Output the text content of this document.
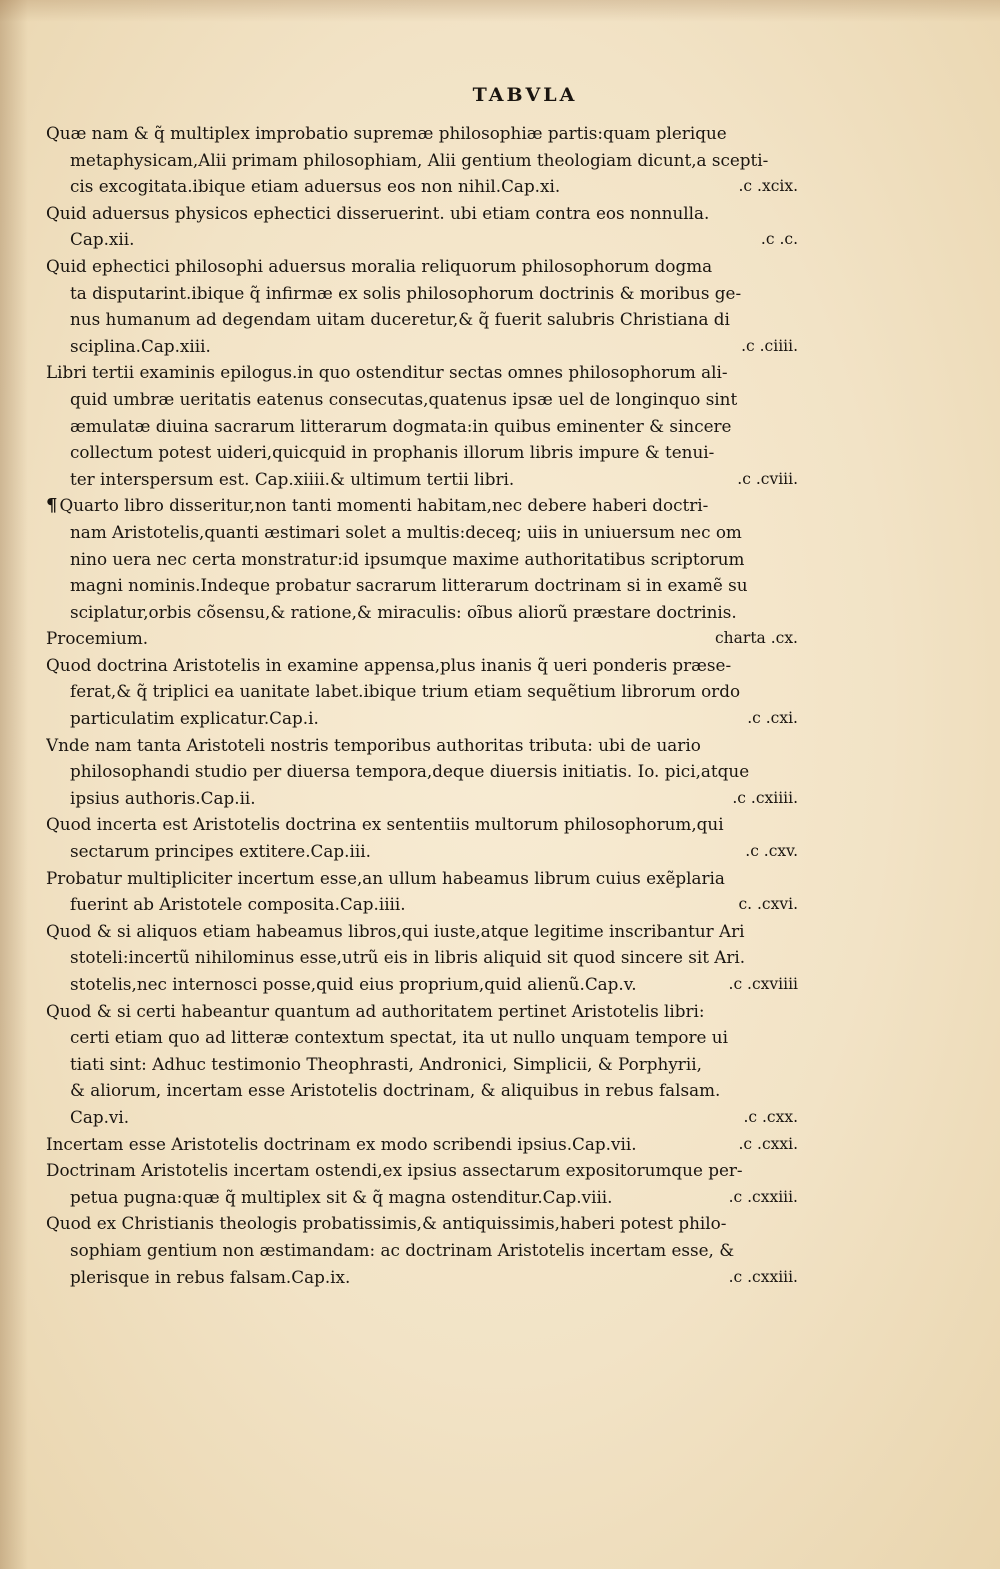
TABVLA
Quæ nam & q̃ multiplex improbatio supremæ philosophiæ partis:quam plerique
metaphysicam,Alii primam philosophiam, Alii gentium theologiam dicunt,a scepti-
cis excogitata.ibique etiam aduersus eos non nihil.Cap.xi.	.c .xcix.
Quid aduersus physicos ephectici disseruerint. ubi etiam contra eos nonnulla.
Cap.xii.	.c .c.
Quid ephectici philosophi aduersus moralia reliquorum philosophorum dogma
ta disputarint.ibique q̃ infirmæ ex solis philosophorum doctrinis & moribus ge-
nus humanum ad degendam uitam duceretur,& q̃ fuerit salubris Christiana di
sciplina.Cap.xiii.	.c .ciiii.
Libri tertii examinis epilogus.in quo ostenditur sectas omnes philosophorum ali-
quid umbræ ueritatis eatenus consecutas,quatenus ipsæ uel de longinquo sint
æmulatæ diuina sacrarum litterarum dogmata:in quibus eminenter & sincere
collectum potest uideri,quicquid in prophanis illorum libris impure & tenui-
ter interspersum est. Cap.xiiii.& ultimum tertii libri.	.c .cviii.
¶ Quarto libro disseritur,non tanti momenti habitam,nec debere haberi doctri-
nam Aristotelis,quanti æstimari solet a multis:deceq; uiis in uniuersum nec om
nino uera nec certa monstratur:id ipsumque maxime authoritatibus scriptorum
magni nominis.Indeque probatur sacrarum litterarum doctrinam si in examẽ su
sciplatur,orbis cõsensu,& ratione,& miraculis: oĩbus aliorũ præstare doctrinis.
Procemium.	charta .cx.
Quod doctrina Aristotelis in examine appensa,plus inanis q̃ ueri ponderis præse-
ferat,& q̃ triplici ea uanitate labet.ibique trium etiam sequẽtium librorum ordo
particulatim explicatur.Cap.i.	.c .cxi.
Vnde nam tanta Aristoteli nostris temporibus authoritas tributa: ubi de uario
philosophandi studio per diuersa tempora,deque diuersis initiatis. Io. pici,atque
ipsius authoris.Cap.ii.	.c .cxiiii.
Quod incerta est Aristotelis doctrina ex sententiis multorum philosophorum,qui
sectarum principes extitere.Cap.iii.	.c .cxv.
Probatur multipliciter incertum esse,an ullum habeamus librum cuius exẽplaria
fuerint ab Aristotele composita.Cap.iiii.	c. .cxvi.
Quod & si aliquos etiam habeamus libros,qui iuste,atque legitime inscribantur Ari
stoteli:incertũ nihilominus esse,utrũ eis in libris aliquid sit quod sincere sit Ari.
stotelis,nec internosci posse,quid eius proprium,quid alienũ.Cap.v.	.c .cxviiii
Quod & si certi habeantur quantum ad authoritatem pertinet Aristotelis libri:
certi etiam quo ad litteræ contextum spectat, ita ut nullo unquam tempore ui
tiati sint: Adhuc testimonio Theophrasti, Andronici, Simplicii, & Porphyrii,
& aliorum, incertam esse Aristotelis doctrinam, & aliquibus in rebus falsam.
Cap.vi.	.c .cxx.
Incertam esse Aristotelis doctrinam ex modo scribendi ipsius.Cap.vii.	.c .cxxi.
Doctrinam Aristotelis incertam ostendi,ex ipsius assectarum expositorumque per-
petua pugna:quæ q̃ multiplex sit & q̃ magna ostenditur.Cap.viii.	.c .cxxiii.
Quod ex Christianis theologis probatissimis,& antiquissimis,haberi potest philo-
sophiam gentium non æstimandam: ac doctrinam Aristotelis incertam esse, &
plerisque in rebus falsam.Cap.ix.	.c .cxxiii.
